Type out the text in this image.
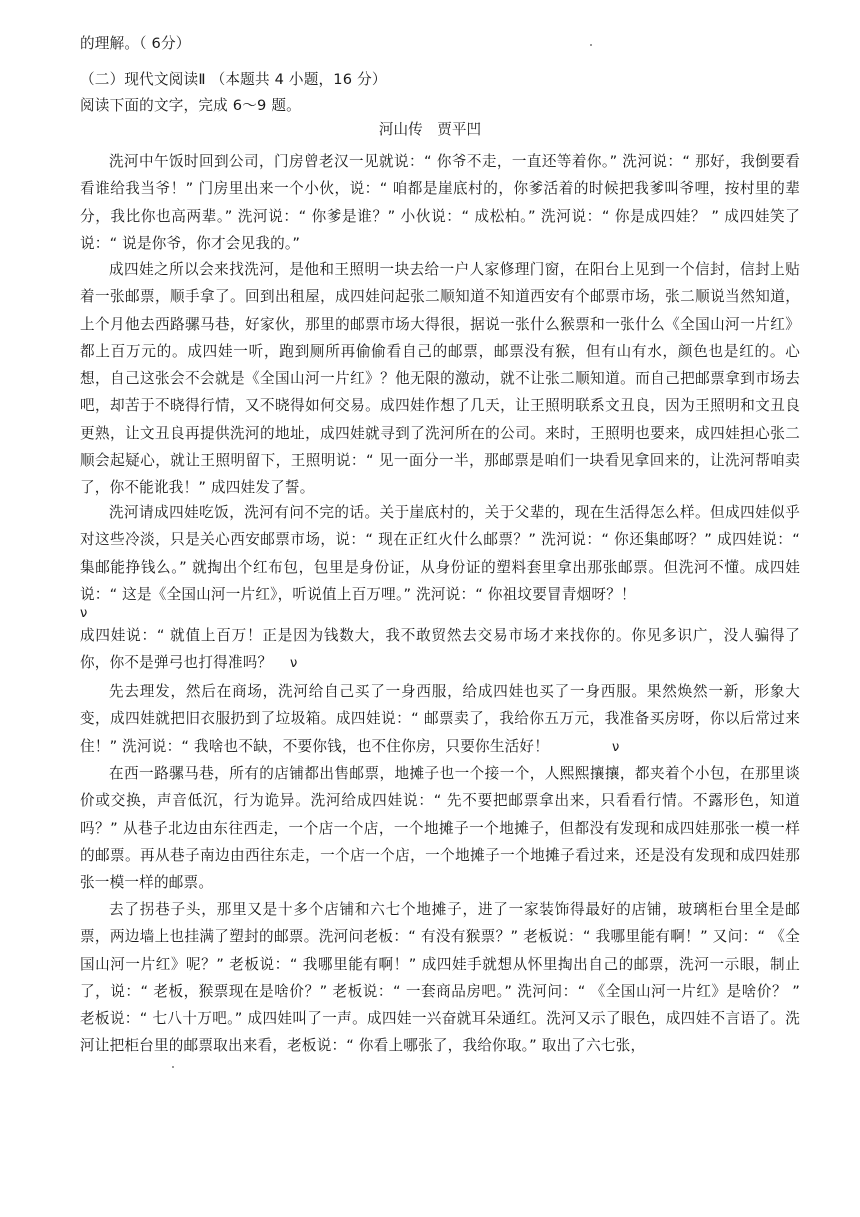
的理解。（ 6分）
（二）现代文阅读Ⅱ （本题共 4 小题，16 分）
阅读下面的文字，完成 6～9 题。
河山传　贾平凹

洗河中午饭时回到公司，门房曾老汉一见就说：“ 你爷不走，一直还等着你。” 洗河说：“ 那好，我倒要看看谁给我当爷！” 门房里出来一个小伙，说：“ 咱都是崖底村的，你爹活着的时候把我爹叫爷哩，按村里的辈分，我比你也高两辈。” 洗河说：“ 你爹是谁？” 小伙说：“ 成松柏。” 洗河说：“ 你是成四娃？ ” 成四娃笑了说：“ 说是你爷，你才会见我的。”

成四娃之所以会来找洗河，是他和王照明一块去给一户人家修理门窗，在阳台上见到一个信封，信封上贴着一张邮票，顺手拿了。回到出租屋，成四娃问起张二顺知道不知道西安有个邮票市场，张二顺说当然知道，上个月他去西路骡马巷，好家伙，那里的邮票市场大得很，据说一张什么猴票和一张什么《全国山河一片红》都上百万元的。成四娃一听，跑到厕所再偷偷看自己的邮票，邮票没有猴，但有山有水，颜色也是红的。心想，自己这张会不会就是《全国山河一片红》？他无限的激动，就不让张二顺知道。而自己把邮票拿到市场去吧，却苦于不晓得行情，又不晓得如何交易。成四娃作想了几天，让王照明联系文丑良，因为王照明和文丑良更熟，让文丑良再提供洗河的地址，成四娃就寻到了洗河所在的公司。来时，王照明也要来，成四娃担心张二顺会起疑心，就让王照明留下，王照明说：“ 见一面分一半，那邮票是咱们一块看见拿回来的，让洗河帮咱卖了，你不能讹我！” 成四娃发了誓。

洗河请成四娃吃饭，洗河有问不完的话。关于崖底村的，关于父辈的，现在生活得怎么样。但成四娃似乎对这些冷淡，只是关心西安邮票市场，说：“ 现在正红火什么邮票？” 洗河说：“ 你还集邮呀？” 成四娃说：“ 集邮能挣钱么。” 就掏出个红布包，包里是身份证，从身份证的塑料套里拿出那张邮票。但洗河不懂。成四娃说：“ 这是《全国山河一片红》，听说值上百万哩。” 洗河说：“ 你祖坟要冒青烟呀？！

ν

成四娃说：“ 就值上百万！正是因为钱数大，我不敢贸然去交易市场才来找你的。你见多识广，没人骗得了你，你不是弹弓也打得准吗？	ν

先去理发，然后在商场，洗河给自己买了一身西服，给成四娃也买了一身西服。果然焕然一新，形象大变，成四娃就把旧衣服扔到了垃圾箱。成四娃说：“ 邮票卖了，我给你五万元，我准备买房呀，你以后常过来住！” 洗河说：“ 我啥也不缺，不要你钱，也不住你房，只要你生活好！	ν

在西一路骡马巷，所有的店铺都出售邮票，地摊子也一个接一个，人熙熙攘攘，都夹着个小包，在那里谈价或交换，声音低沉，行为诡异。洗河给成四娃说：“ 先不要把邮票拿出来，只看看行情。不露形色，知道吗？” 从巷子北边由东往西走，一个店一个店，一个地摊子一个地摊子，但都没有发现和成四娃那张一模一样的邮票。再从巷子南边由西往东走，一个店一个店，一个地摊子一个地摊子看过来，还是没有发现和成四娃那张一模一样的邮票。

去了拐巷子头，那里又是十多个店铺和六七个地摊子，进了一家装饰得最好的店铺，玻璃柜台里全是邮票，两边墙上也挂满了塑封的邮票。洗河问老板：“ 有没有猴票？” 老板说：“ 我哪里能有啊！” 又问：“ 《全国山河一片红》呢？” 老板说：“ 我哪里能有啊！” 成四娃手就想从怀里掏出自己的邮票，洗河一示眼，制止了，说：“ 老板，猴票现在是啥价？” 老板说：“ 一套商品房吧。” 洗河问：“ 《全国山河一片红》是啥价？ ” 老板说：“ 七八十万吧。” 成四娃叫了一声。成四娃一兴奋就耳朵通红。洗河又示了眼色，成四娃不言语了。洗河让把柜台里的邮票取出来看，老板说：“ 你看上哪张了，我给你取。” 取出了六七张，
